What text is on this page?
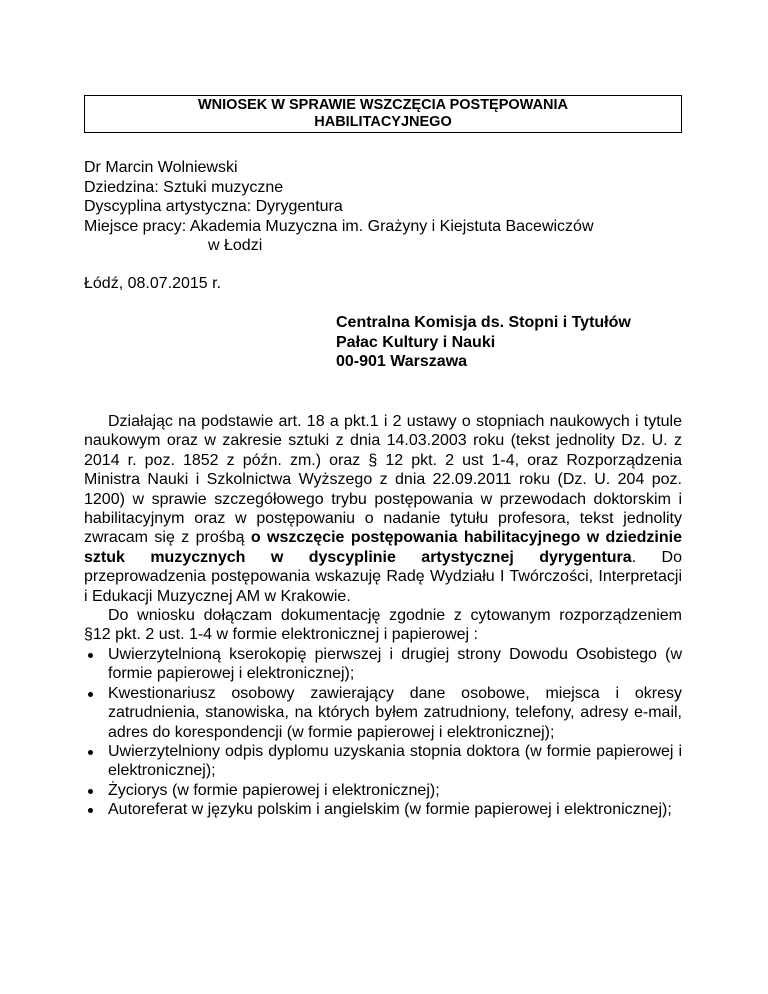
WNIOSEK W SPRAWIE WSZCZĘCIA POSTĘPOWANIA
HABILITACYJNEGO
Dr Marcin Wolniewski
Dziedzina: Sztuki muzyczne
Dyscyplina artystyczna: Dyrygentura
Miejsce pracy: Akademia Muzyczna im. Grażyny i Kiejstuta Bacewiczów
w Łodzi
Łódź, 08.07.2015 r.
Centralna Komisja ds. Stopni i Tytułów
Pałac Kultury i Nauki
00-901 Warszawa

Działając na podstawie art. 18 a pkt.1 i 2 ustawy o stopniach naukowych i tytule naukowym oraz w zakresie sztuki z dnia 14.03.2003 roku (tekst jednolity Dz. U. z 2014 r. poz. 1852 z późn. zm.) oraz § 12 pkt. 2 ust 1-4, oraz Rozporządzenia Ministra Nauki i Szkolnictwa Wyższego z dnia 22.09.2011 roku (Dz. U. 204 poz. 1200) w sprawie szczegółowego trybu postępowania w przewodach doktorskim i habilitacyjnym oraz w postępowaniu o nadanie tytułu profesora, tekst jednolity zwracam się z prośbą o wszczęcie postępowania habilitacyjnego w dziedzinie sztuk muzycznych w dyscyplinie artystycznej dyrygentura. Do przeprowadzenia postępowania wskazuję Radę Wydziału I Twórczości, Interpretacji i Edukacji Muzycznej AM w Krakowie.

Do wniosku dołączam dokumentację zgodnie z cytowanym rozporządzeniem §12 pkt. 2 ust. 1-4 w formie elektronicznej i papierowej :

Uwierzytelnioną kserokopię pierwszej i drugiej strony Dowodu Osobistego (w formie papierowej i elektronicznej);
Kwestionariusz osobowy zawierający dane osobowe, miejsca i okresy zatrudnienia, stanowiska, na których byłem zatrudniony, telefony, adresy e-mail, adres do korespondencji (w formie papierowej i elektronicznej);
Uwierzytelniony odpis dyplomu uzyskania stopnia doktora (w formie papierowej i elektronicznej);
Życiorys (w formie papierowej i elektronicznej);
Autoreferat w języku polskim i angielskim (w formie papierowej i elektronicznej);
